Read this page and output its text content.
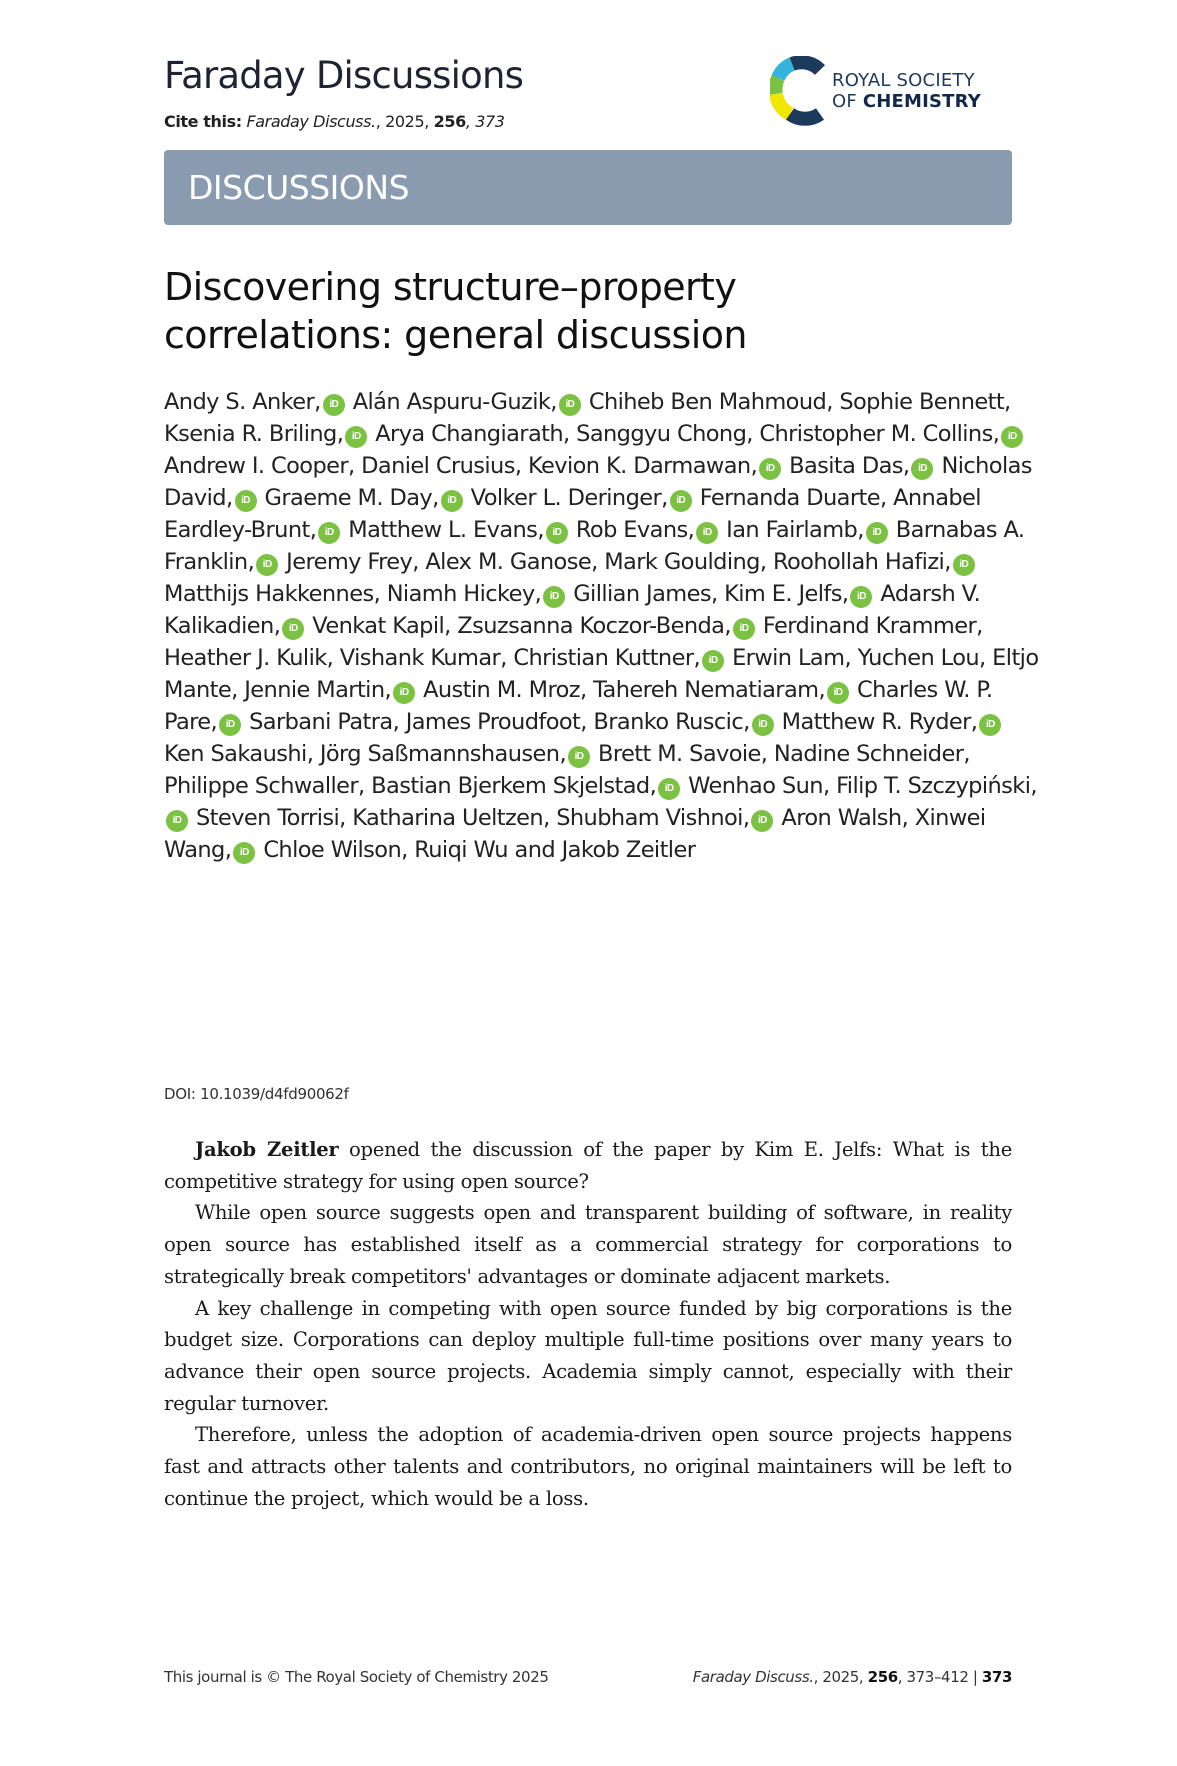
Faraday Discussions
Cite this: Faraday Discuss., 2025, 256, 373
ROYAL SOCIETY
OF CHEMISTRY
DISCUSSIONS
Discovering structure–property
correlations: general discussion
Andy S. Anker, iD Alán Aspuru-Guzik, iD Chiheb Ben Mahmoud, Sophie Bennett, Ksenia R. Briling, iD Arya Changiarath, Sanggyu Chong, Christopher M. Collins, iDAndrew I. Cooper, Daniel Crusius, Kevion K. Darmawan, iD Basita Das, iD Nicholas David, iD Graeme M. Day, iD Volker L. Deringer, iD Fernanda Duarte, Annabel Eardley-Brunt, iD Matthew L. Evans, iD Rob Evans, iD Ian Fairlamb, iD Barnabas A. Franklin, iD Jeremy Frey, Alex M. Ganose, Mark Goulding, Roohollah Hafizi, iDMatthijs Hakkennes, Niamh Hickey, iD Gillian James, Kim E. Jelfs, iD Adarsh V. Kalikadien, iD Venkat Kapil, Zsuzsanna Koczor-Benda, iD Ferdinand Krammer, Heather J. Kulik, Vishank Kumar, Christian Kuttner, iD Erwin Lam, Yuchen Lou, Eltjo Mante, Jennie Martin, iD Austin M. Mroz, Tahereh Nematiaram, iD Charles W. P. Pare, iD Sarbani Patra, James Proudfoot, Branko Ruscic, iD Matthew R. Ryder, iDKen Sakaushi, Jörg Saßmannshausen, iD Brett M. Savoie, Nadine Schneider, Philippe Schwaller, Bastian Bjerkem Skjelstad, iD Wenhao Sun, Filip T. Szczypiński,iD Steven Torrisi, Katharina Ueltzen, Shubham Vishnoi, iD Aron Walsh, Xinwei Wang, iD Chloe Wilson, Ruiqi Wu and Jakob Zeitler
DOI: 10.1039/d4fd90062f

Jakob Zeitler opened the discussion of the paper by Kim E. Jelfs: What is the competitive strategy for using open source?

While open source suggests open and transparent building of software, in reality open source has established itself as a commercial strategy for corporations to strategically break competitors' advantages or dominate adjacent markets.

A key challenge in competing with open source funded by big corporations is the budget size. Corporations can deploy multiple full-time positions over many years to advance their open source projects. Academia simply cannot, especially with their regular turnover.

Therefore, unless the adoption of academia-driven open source projects happens fast and attracts other talents and contributors, no original maintainers will be left to continue the project, which would be a loss.

This journal is © The Royal Society of Chemistry 2025	Faraday Discuss., 2025, 256, 373–412 | 373
